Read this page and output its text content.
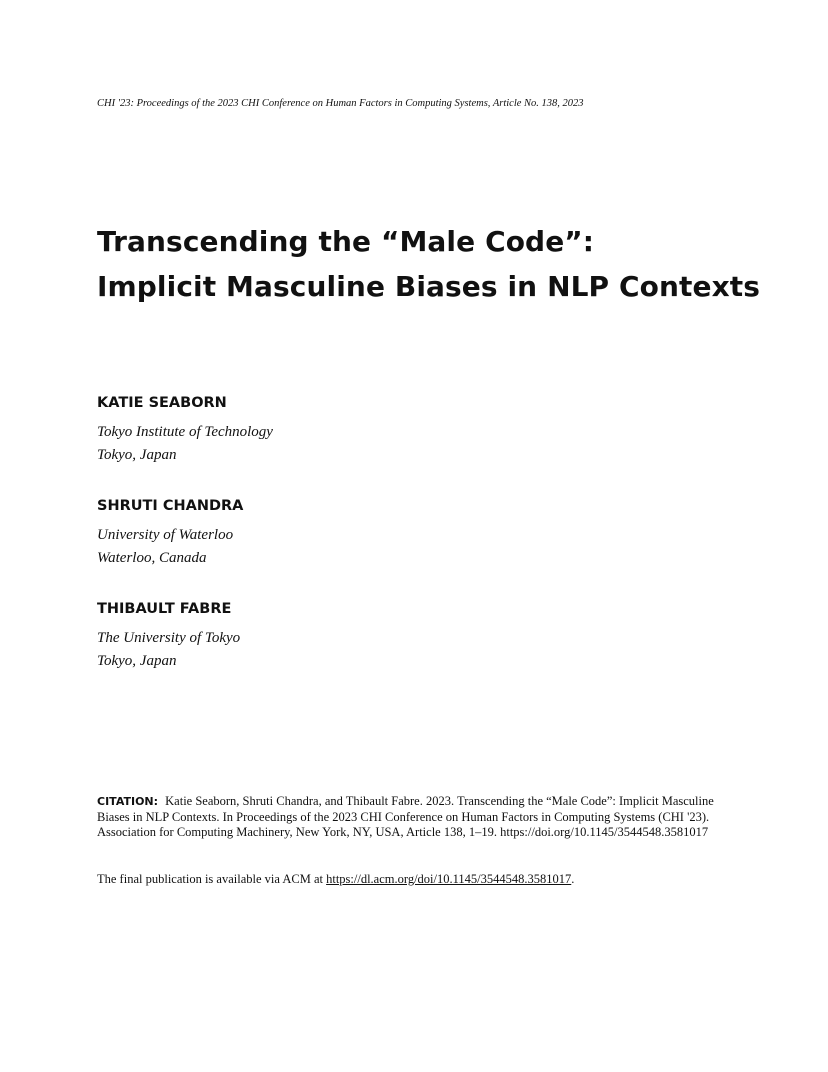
CHI '23: Proceedings of the 2023 CHI Conference on Human Factors in Computing Systems, Article No. 138, 2023
Transcending the “Male Code”:
Implicit Masculine Biases in NLP Contexts
KATIE SEABORN
Tokyo Institute of Technology
Tokyo, Japan
SHRUTI CHANDRA
University of Waterloo
Waterloo, Canada
THIBAULT FABRE
The University of Tokyo
Tokyo, Japan
CITATION: Katie Seaborn, Shruti Chandra, and Thibault Fabre. 2023. Transcending the “Male Code”: Implicit Masculine Biases in NLP Contexts. In Proceedings of the 2023 CHI Conference on Human Factors in Computing Systems (CHI '23). Association for Computing Machinery, New York, NY, USA, Article 138, 1–19. https://doi.org/10.1145/3544548.3581017
The final publication is available via ACM at https://dl.acm.org/doi/10.1145/3544548.3581017.
